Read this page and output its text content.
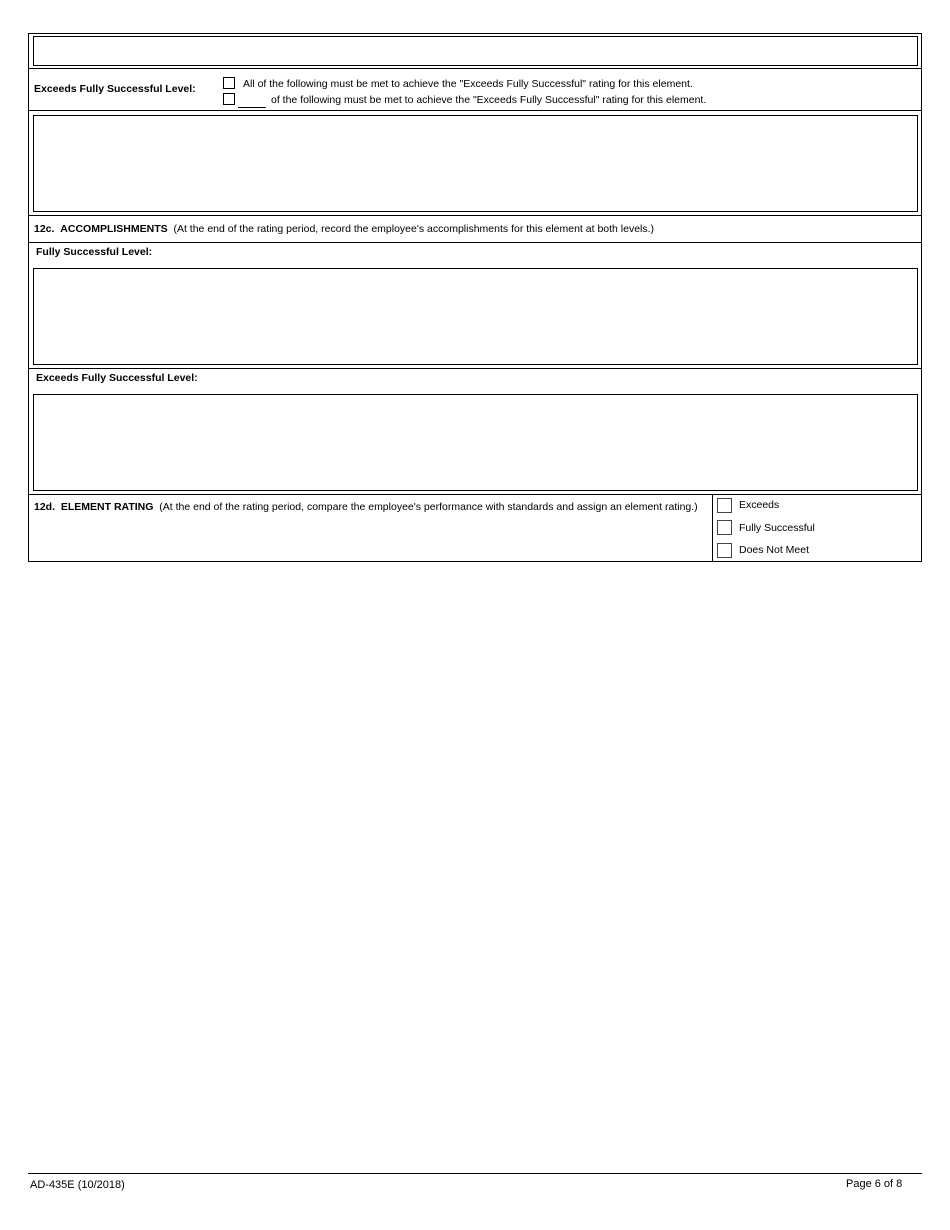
Exceeds Fully Successful Level:	All of the following must be met to achieve the "Exceeds Fully Successful" rating for this element.
of the following must be met to achieve the "Exceeds Fully Successful" rating for this element.
12c. ACCOMPLISHMENTS (At the end of the rating period, record the employee's accomplishments for this element at both levels.)
Fully Successful Level:
Exceeds Fully Successful Level:
12d. ELEMENT RATING (At the end of the rating period, compare the employee's performance with standards and assign an element rating.)	Exceeds
Fully Successful
Does Not Meet
AD-435E (10/2018)	Page 6 of 8
